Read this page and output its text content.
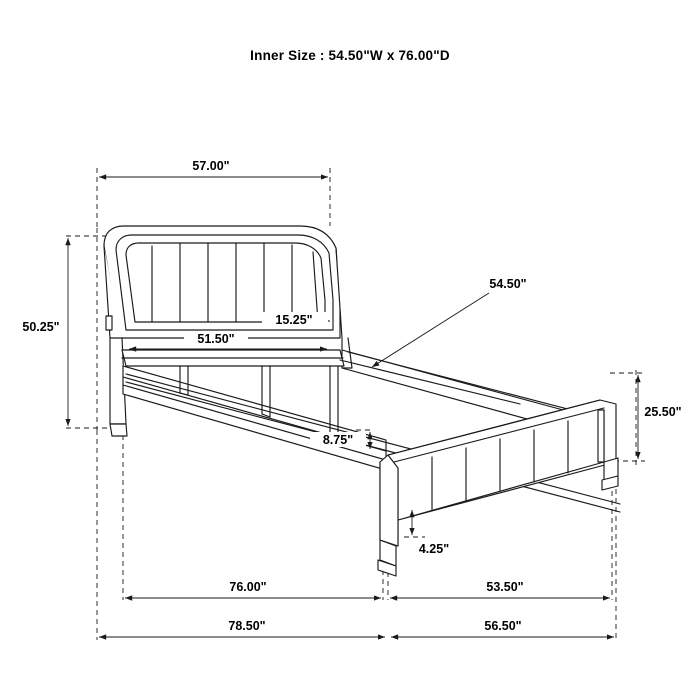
Inner Size : 54.50"W x 76.00"D
57.00"
50.25"	15.25"
51.50"
54.50"
25.50"
8.75"
4.25"
76.00"	53.50"
78.50"	56.50"
